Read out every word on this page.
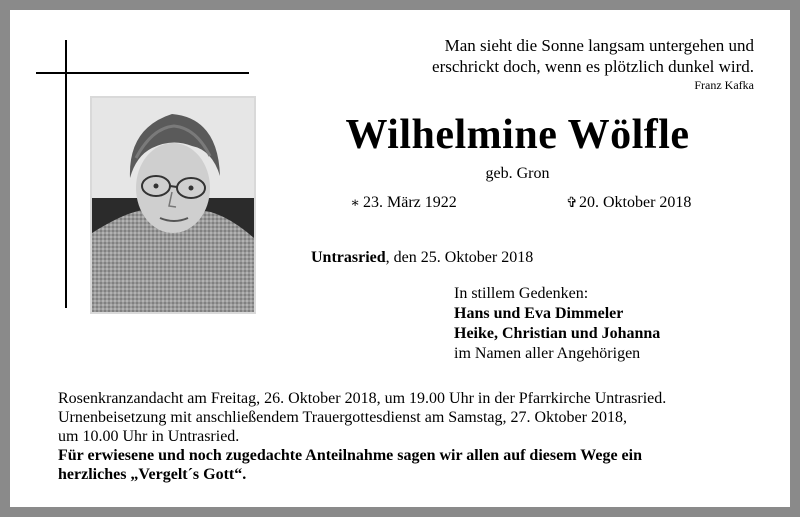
Man sieht die Sonne langsam untergehen und
erschrickt doch, wenn es plötzlich dunkel wird.
Franz Kafka
Wilhelmine Wölfle
geb. Gron
∗ 23. März 1922	✞20. Oktober 2018
Untrasried, den 25. Oktober 2018
In stillem Gedenken:
Hans und Eva Dimmeler
Heike, Christian und Johanna
im Namen aller Angehörigen
Rosenkranzandacht am Freitag, 26. Oktober 2018, um 19.00 Uhr in der Pfarrkirche Untrasried.
Urnenbeisetzung mit anschließendem Trauergottesdienst am Samstag, 27. Oktober 2018,
um 10.00 Uhr in Untrasried.
Für erwiesene und noch zugedachte Anteilnahme sagen wir allen auf diesem Wege ein
herzliches „Vergelt´s Gott“.
